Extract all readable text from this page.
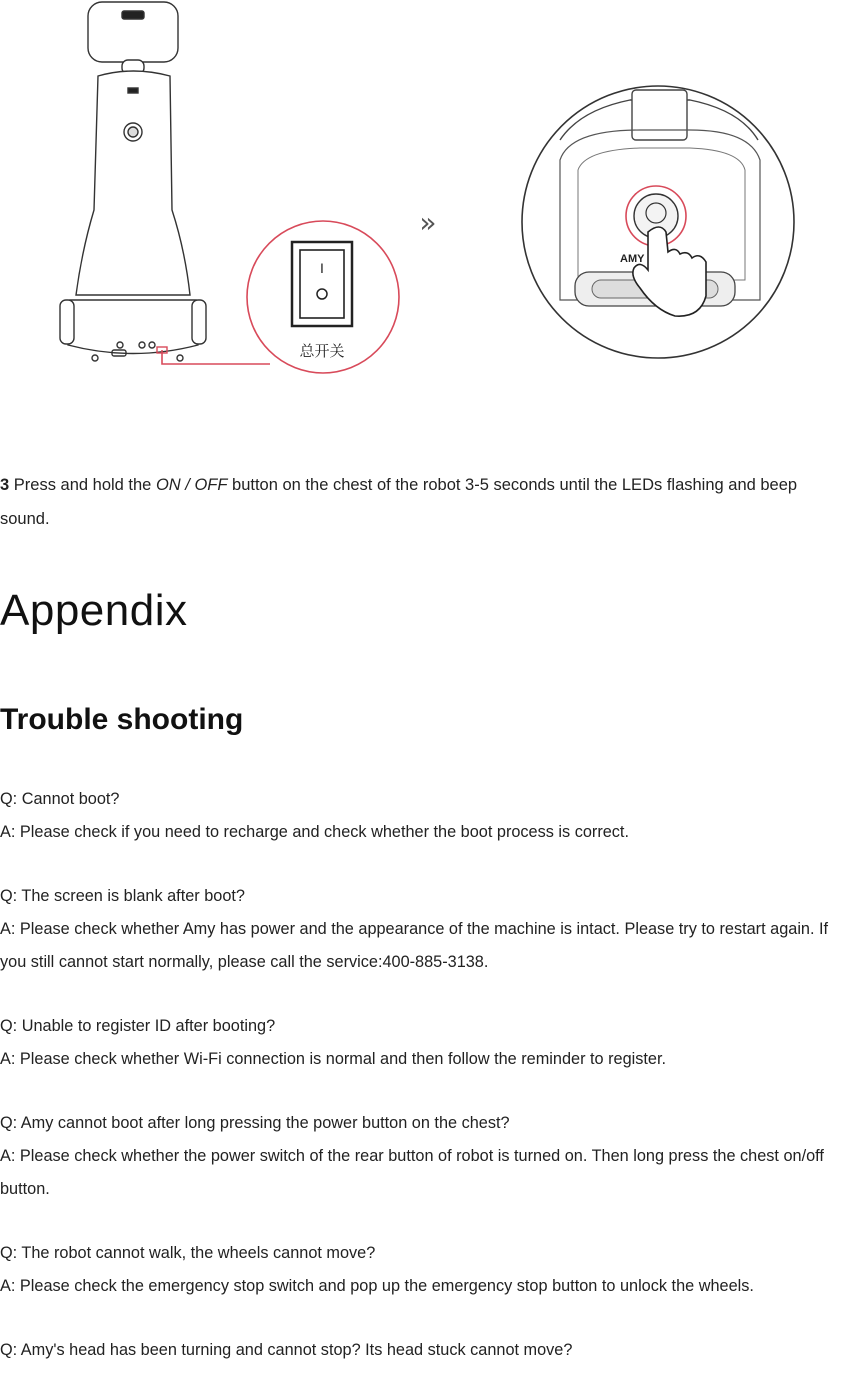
I
总开关
»
AMY
3 Press and hold the ON / OFF button on the chest of the robot 3-5 seconds until the LEDs flashing and beep sound.
Appendix
Trouble shooting

Q: Cannot boot?

A: Please check if you need to recharge and check whether the boot process is correct.

Q: The screen is blank after boot?

A: Please check whether Amy has power and the appearance of the machine is intact. Please try to restart again. If you still cannot start normally, please call the service:400-885-3138.

Q: Unable to register ID after booting?

A: Please check whether Wi-Fi connection is normal and then follow the reminder to register.

Q: Amy cannot boot after long pressing the power button on the chest?

A: Please check whether the power switch of the rear button of robot is turned on. Then long press the chest on/off button.

Q: The robot cannot walk, the wheels cannot move?

A: Please check the emergency stop switch and pop up the emergency stop button to unlock the wheels.

Q: Amy's head has been turning and cannot stop? Its head stuck cannot move?
